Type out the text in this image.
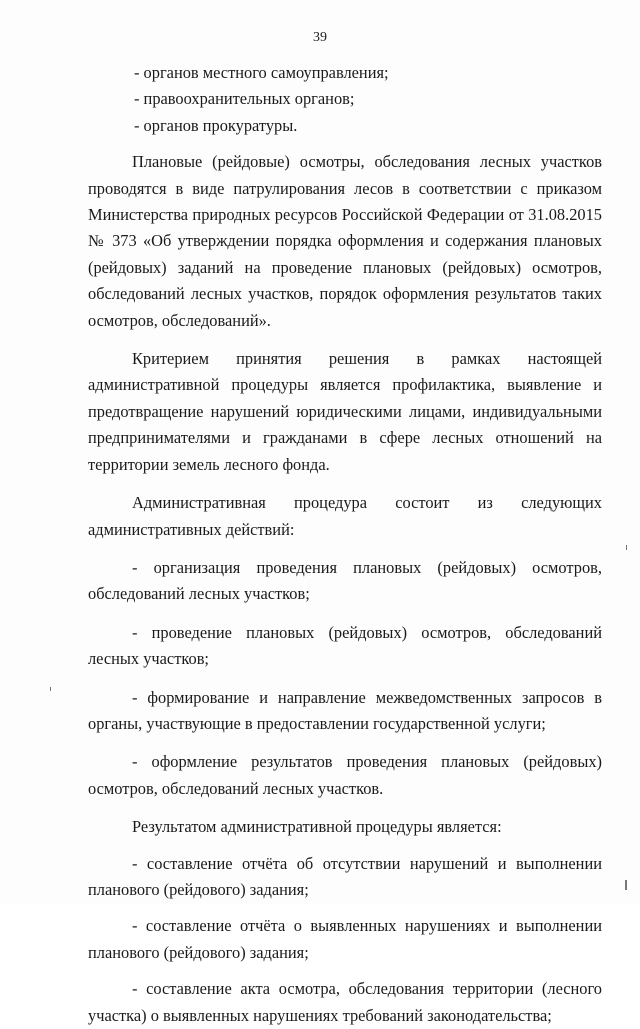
39

- органов местного самоуправления;

- правоохранительных органов;

- органов прокуратуры.

Плановые (рейдовые) осмотры, обследования лесных участков проводятся в виде патрулирования лесов в соответствии с приказом Министерства природных ресурсов Российской Федерации от 31.08.2015 № 373 «Об утверждении порядка оформления и содержания плановых (рейдовых) заданий на проведение плановых (рейдовых) осмотров, обследований лесных участков, порядок оформления результатов таких осмотров, обследований».

Критерием принятия решения в рамках настоящей административной процедуры является профилактика, выявление и предотвращение нарушений юридическими лицами, индивидуальными предпринимателями и гражданами в сфере лесных отношений на территории земель лесного фонда.

Административная процедура состоит из следующих административных действий:

- организация проведения плановых (рейдовых) осмотров, обследований лесных участков;

- проведение плановых (рейдовых) осмотров, обследований лесных участков;

- формирование и направление межведомственных запросов в органы, участвующие в предоставлении государственной услуги;

- оформление результатов проведения плановых (рейдовых) осмотров, обследований лесных участков.

Результатом административной процедуры является:

- составление отчёта об отсутствии нарушений и выполнении планового (рейдового) задания;

- составление отчёта о выявленных нарушениях и выполнении планового (рейдового) задания;

- составление акта осмотра, обследования территории (лесного участка) о выявленных нарушениях требований законодательства;
